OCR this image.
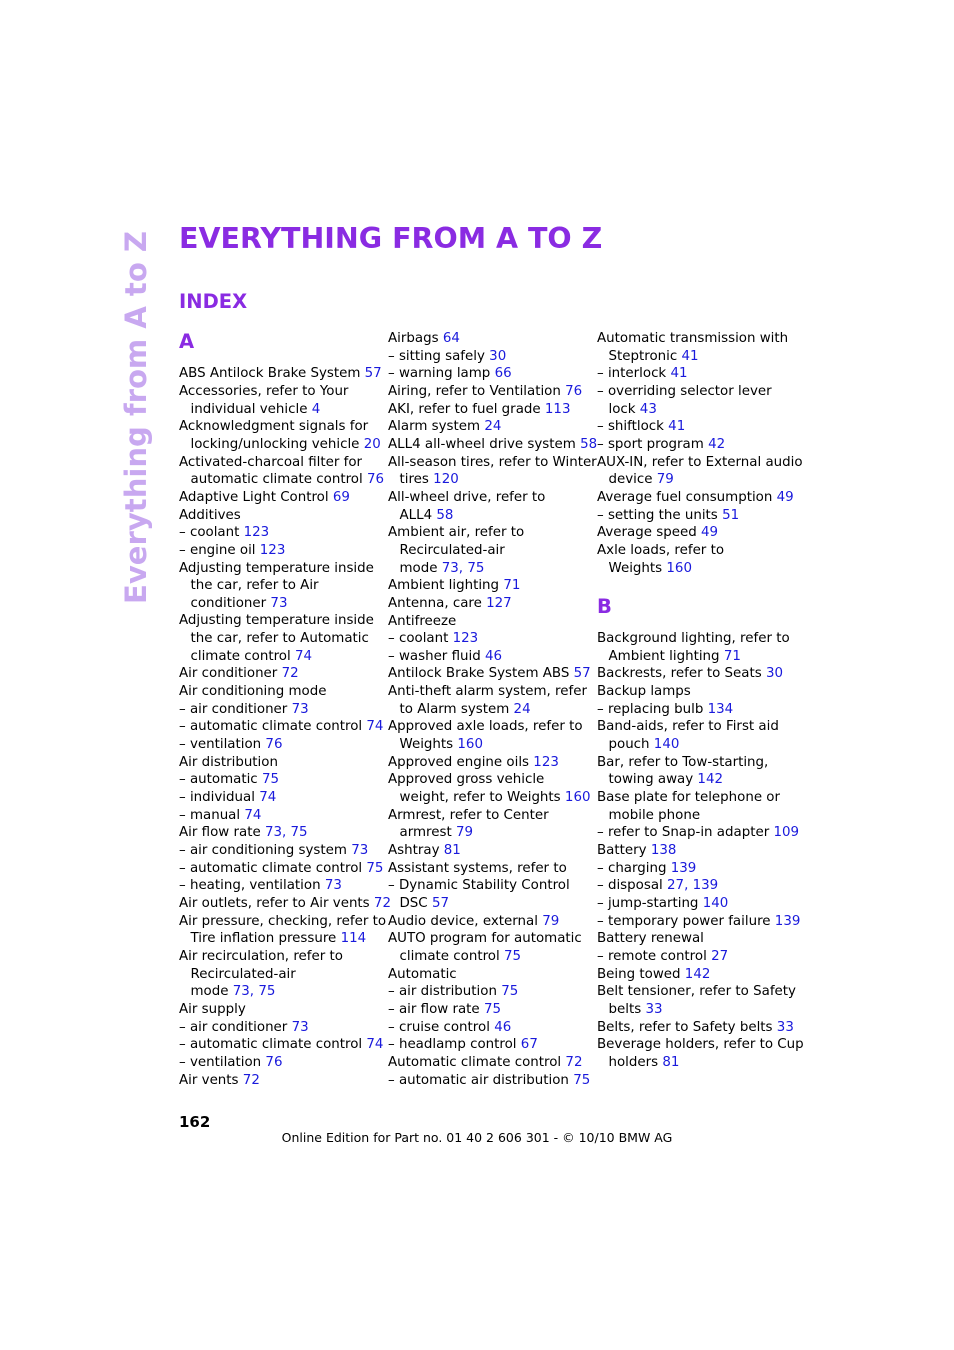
Everything from A to Z EVERYTHING FROM A TO Z
INDEX
A
ABS Antilock Brake System 57
Accessories, refer to Your
individual vehicle 4
Acknowledgment signals for
locking/unlocking vehicle 20
Activated-charcoal filter for
automatic climate control 76
Adaptive Light Control 69
Additives
– coolant 123
– engine oil 123
Adjusting temperature inside
the car, refer to Air
conditioner 73
Adjusting temperature inside
the car, refer to Automatic
climate control 74
Air conditioner 72
Air conditioning mode
– air conditioner 73
– automatic climate control 74
– ventilation 76
Air distribution
– automatic 75
– individual 74
– manual 74
Air flow rate 73, 75
– air conditioning system 73
– automatic climate control 75
– heating, ventilation 73
Air outlets, refer to Air vents 72
Air pressure, checking, refer to
Tire inflation pressure 114
Air recirculation, refer to
Recirculated-air
mode 73, 75
Air supply
– air conditioner 73
– automatic climate control 74
– ventilation 76
Air vents 72
Airbags 64
– sitting safely 30
– warning lamp 66
Airing, refer to Ventilation 76
AKI, refer to fuel grade 113
Alarm system 24
ALL4 all-wheel drive system 58
All-season tires, refer to Winter
tires 120
All-wheel drive, refer to
ALL4 58
Ambient air, refer to
Recirculated-air
mode 73, 75
Ambient lighting 71
Antenna, care 127
Antifreeze
– coolant 123
– washer fluid 46
Antilock Brake System ABS 57
Anti-theft alarm system, refer
to Alarm system 24
Approved axle loads, refer to
Weights 160
Approved engine oils 123
Approved gross vehicle
weight, refer to Weights 160
Armrest, refer to Center
armrest 79
Ashtray 81
Assistant systems, refer to
– Dynamic Stability Control
DSC 57
Audio device, external 79
AUTO program for automatic
climate control 75
Automatic
– air distribution 75
– air flow rate 75
– cruise control 46
– headlamp control 67
Automatic climate control 72
– automatic air distribution 75
Automatic transmission with
Steptronic 41
– interlock 41
– overriding selector lever
lock 43
– shiftlock 41
– sport program 42
AUX-IN, refer to External audio
device 79
Average fuel consumption 49
– setting the units 51
Average speed 49
Axle loads, refer to
Weights 160
B
Background lighting, refer to
Ambient lighting 71
Backrests, refer to Seats 30
Backup lamps
– replacing bulb 134
Band-aids, refer to First aid
pouch 140
Bar, refer to Tow-starting,
towing away 142
Base plate for telephone or
mobile phone
– refer to Snap-in adapter 109
Battery 138
– charging 139
– disposal 27, 139
– jump-starting 140
– temporary power failure 139
Battery renewal
– remote control 27
Being towed 142
Belt tensioner, refer to Safety
belts 33
Belts, refer to Safety belts 33
Beverage holders, refer to Cup
holders 81
162
Online Edition for Part no. 01 40 2 606 301 - © 10/10 BMW AG
